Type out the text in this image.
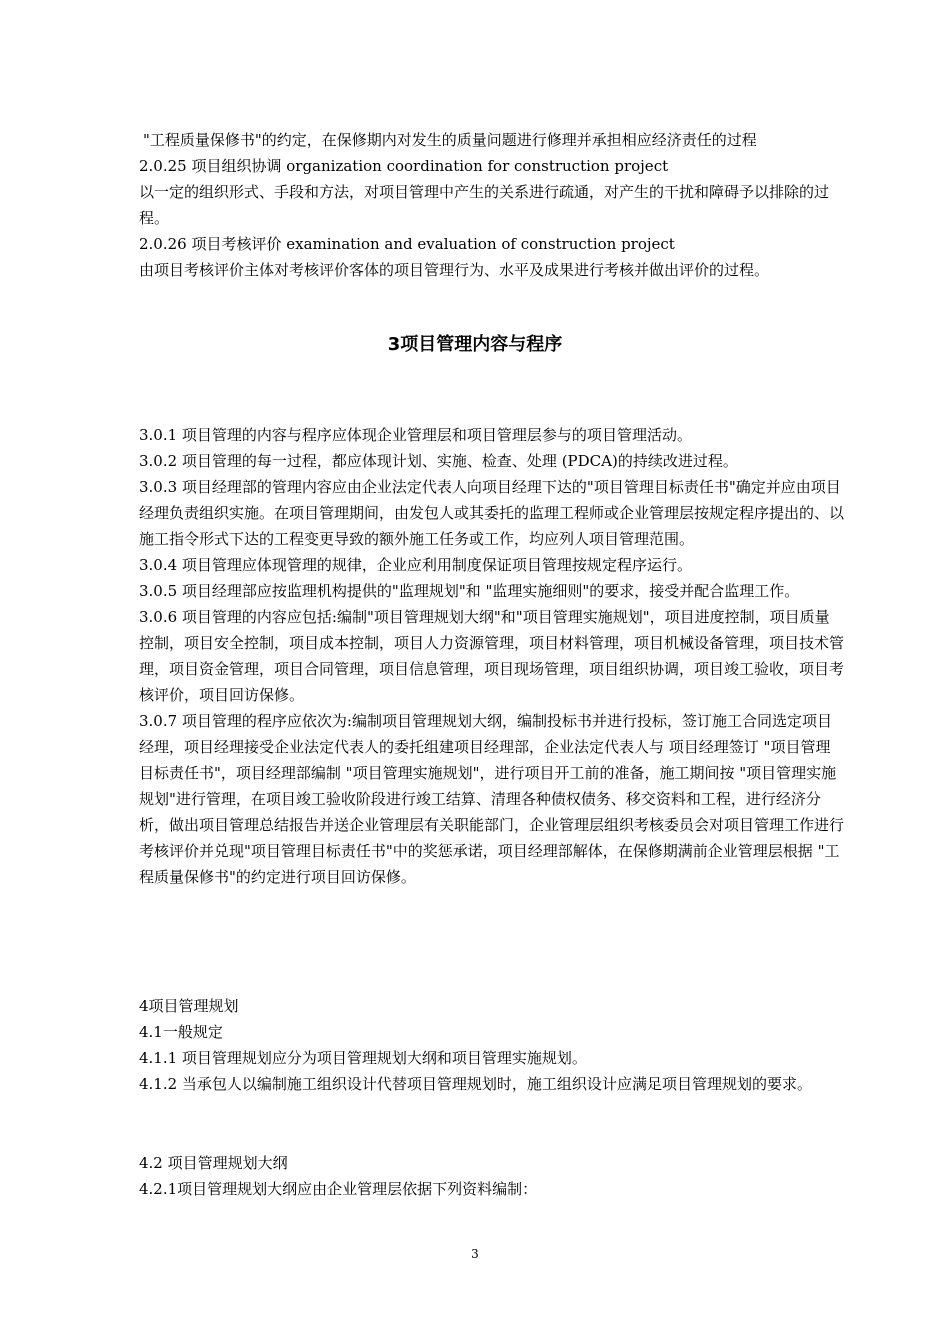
"工程质量保修书"的约定，在保修期内对发生的质量问题进行修理并承担相应经济责任的过程

2.0.25 项目组织协调 organization coordination for construction project

以一定的组织形式、手段和方法，对项目管理中产生的关系进行疏通，对产生的干扰和障碍予以排除的过程。

2.0.26 项目考核评价 examination and evaluation of construction project

由项目考核评价主体对考核评价客体的项目管理行为、水平及成果进行考核并做出评价的过程。

3项目管理内容与程序

3.0.1 项目管理的内容与程序应体现企业管理层和项目管理层参与的项目管理活动。

3.0.2 项目管理的每一过程，都应体现计划、实施、检查、处理 (PDCA)的持续改进过程。

3.0.3 项目经理部的管理内容应由企业法定代表人向项目经理下达的"项目管理目标责任书"确定并应由项目经理负责组织实施。在项目管理期间，由发包人或其委托的监理工程师或企业管理层按规定程序提出的、以施工指令形式下达的工程变更导致的额外施工任务或工作，均应列人项目管理范围。

3.0.4 项目管理应体现管理的规律，企业应利用制度保证项目管理按规定程序运行。

3.0.5 项目经理部应按监理机构提供的"监理规划"和 "监理实施细则"的要求，接受并配合监理工作。

3.0.6 项目管理的内容应包括:编制"项目管理规划大纲"和"项目管理实施规划"，项目进度控制，项目质量控制，项目安全控制，项目成本控制，项目人力资源管理，项目材料管理，项目机械设备管理，项目技术管理，项目资金管理，项目合同管理，项目信息管理，项目现场管理，项目组织协调，项目竣工验收，项目考核评价，项目回访保修。

3.0.7 项目管理的程序应依次为:编制项目管理规划大纲，编制投标书并进行投标，签订施工合同选定项目经理，项目经理接受企业法定代表人的委托组建项目经理部，企业法定代表人与 项目经理签订 "项目管理目标责任书"，项目经理部编制 "项目管理实施规划"，进行项目开工前的准备，施工期间按 "项目管理实施规划"进行管理，在项目竣工验收阶段进行竣工结算、清理各种债权债务、移交资料和工程，进行经济分析，做出项目管理总结报告并送企业管理层有关职能部门，企业管理层组织考核委员会对项目管理工作进行考核评价并兑现"项目管理目标责任书"中的奖惩承诺，项目经理部解体，在保修期满前企业管理层根据 "工程质量保修书"的约定进行项目回访保修。

4项目管理规划

4.1一般规定

4.1.1 项目管理规划应分为项目管理规划大纲和项目管理实施规划。

4.1.2 当承包人以编制施工组织设计代替项目管理规划时，施工组织设计应满足项目管理规划的要求。

4.2 项目管理规划大纲

4.2.1项目管理规划大纲应由企业管理层依据下列资料编制：

3
